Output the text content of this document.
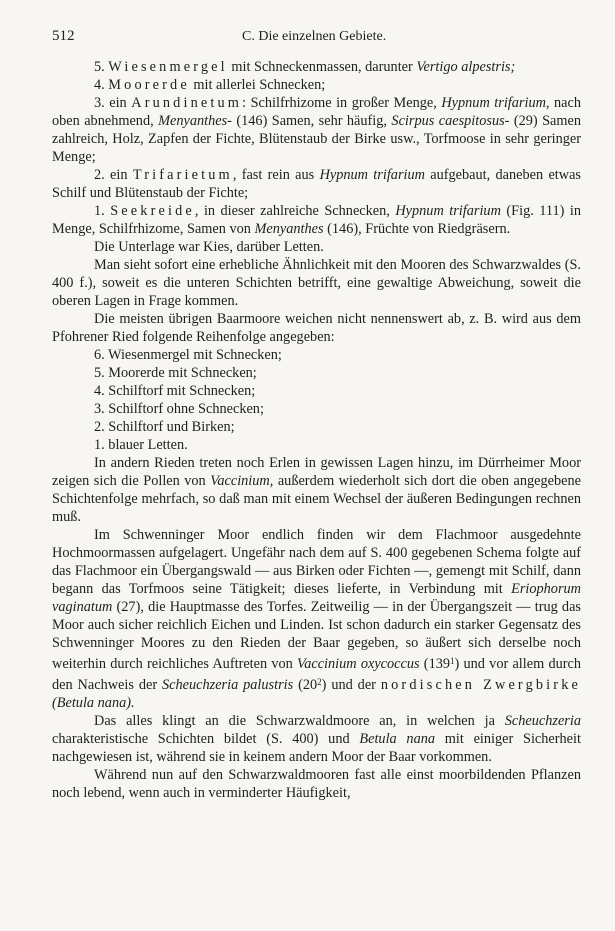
512	C. Die einzelnen Gebiete.

5. Wiesenmergel mit Schneckenmassen, darunter Vertigo alpestris;

4. Moorerde mit allerlei Schnecken;

3. ein Arundinetum: Schilfrhizome in großer Menge, Hypnum trifarium, nach oben abnehmend, Menyanthes- (146) Samen, sehr häufig, Scirpus caespitosus- (29) Samen zahlreich, Holz, Zapfen der Fichte, Blütenstaub der Birke usw., Torfmoose in sehr geringer Menge;

2. ein Trifarietum, fast rein aus Hypnum trifarium aufgebaut, daneben etwas Schilf und Blütenstaub der Fichte;

1. Seekreide, in dieser zahlreiche Schnecken, Hypnum trifarium (Fig. 111) in Menge, Schilfrhizome, Samen von Menyanthes (146), Früchte von Riedgräsern.

Die Unterlage war Kies, darüber Letten.

Man sieht sofort eine erhebliche Ähnlichkeit mit den Mooren des Schwarzwaldes (S. 400 f.), soweit es die unteren Schichten betrifft, eine gewaltige Abweichung, soweit die oberen Lagen in Frage kommen.

Die meisten übrigen Baarmoore weichen nicht nennenswert ab, z. B. wird aus dem Pfohrener Ried folgende Reihenfolge angegeben:

6. Wiesenmergel mit Schnecken;

5. Moorerde mit Schnecken;

4. Schilftorf mit Schnecken;

3. Schilftorf ohne Schnecken;

2. Schilftorf und Birken;

1. blauer Letten.

In andern Rieden treten noch Erlen in gewissen Lagen hinzu, im Dürrheimer Moor zeigen sich die Pollen von Vaccinium, außerdem wiederholt sich dort die oben angegebene Schichtenfolge mehrfach, so daß man mit einem Wechsel der äußeren Bedingungen rechnen muß.

Im Schwenninger Moor endlich finden wir dem Flachmoor ausgedehnte Hochmoormassen aufgelagert. Ungefähr nach dem auf S. 400 gegebenen Schema folgte auf das Flachmoor ein Übergangswald — aus Birken oder Fichten —, gemengt mit Schilf, dann begann das Torfmoos seine Tätigkeit; dieses lieferte, in Verbindung mit Eriophorum vaginatum (27), die Hauptmasse des Torfes. Zeitweilig — in der Übergangszeit — trug das Moor auch sicher reichlich Eichen und Linden. Ist schon dadurch ein starker Gegensatz des Schwenninger Moores zu den Rieden der Baar gegeben, so äußert sich derselbe noch weiterhin durch reichliches Auftreten von Vaccinium oxycoccus $(139^1)$ und vor allem durch den Nachweis der Scheuchzeria palustris $(20^2)$ und der nordischen Zwergbirke (Betula nana).

Das alles klingt an die Schwarzwaldmoore an, in welchen ja Scheuchzeria charakteristische Schichten bildet (S. 400) und Betula nana mit einiger Sicherheit nachgewiesen ist, während sie in keinem andern Moor der Baar vorkommen.

Während nun auf den Schwarzwaldmooren fast alle einst moorbildenden Pflanzen noch lebend, wenn auch in verminderter Häufigkeit,
